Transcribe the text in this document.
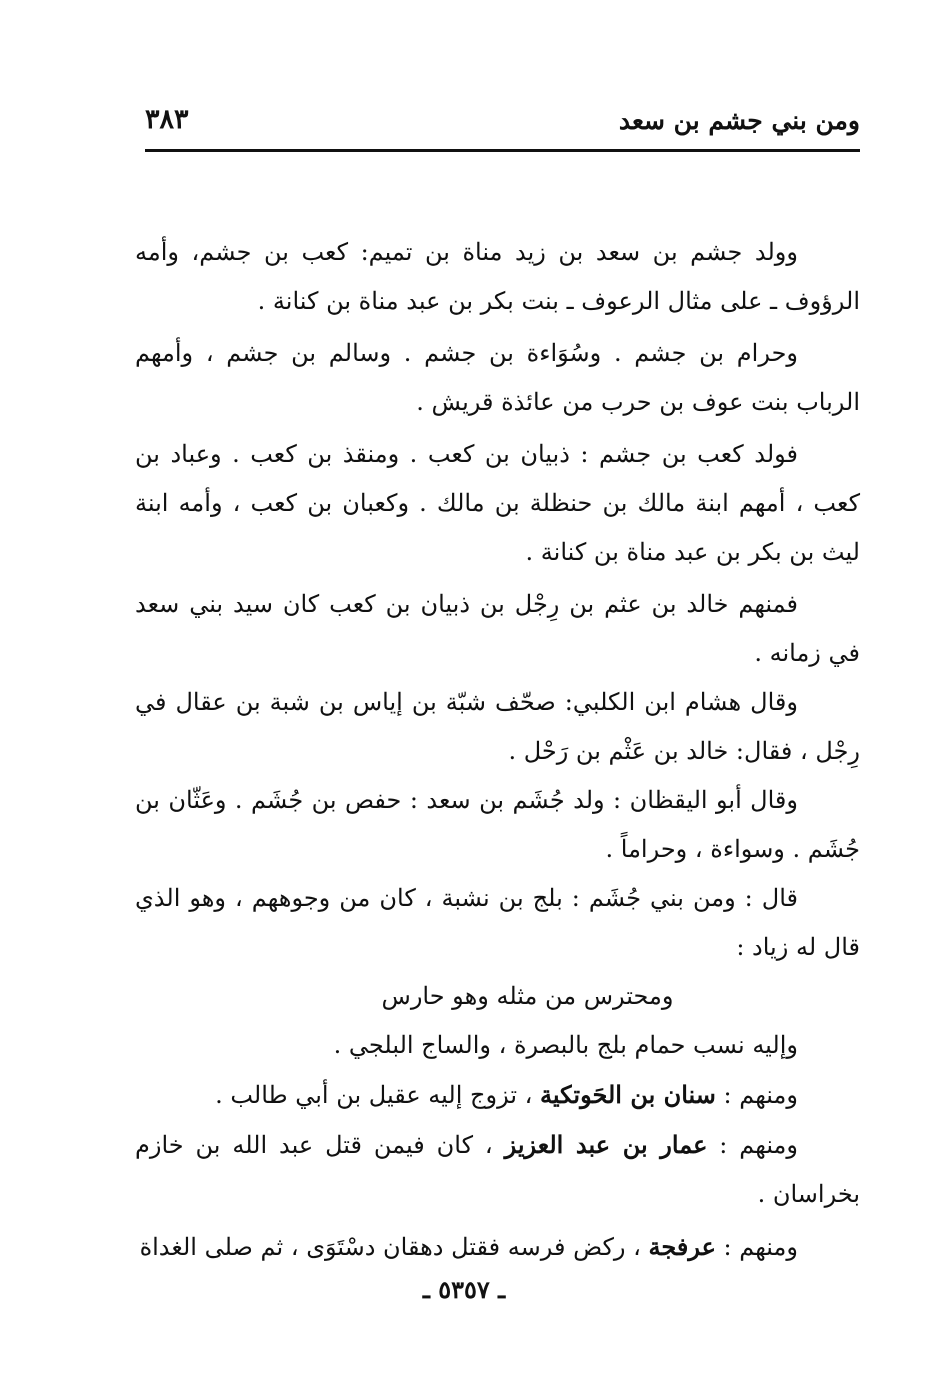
ومن بني جشم بن سعد
٣٨٣

وولد جشم بن سعد بن زيد مناة بن تميم: كعب بن جشم، وأمه الرؤوف ـ على مثال الرعوف ـ بنت بكر بن عبد مناة بن كنانة .

وحرام بن جشم . وسُوَاءة بن جشم . وسالم بن جشم ، وأمهم الرباب بنت عوف بن حرب من عائذة قريش .

فولد كعب بن جشم : ذبيان بن كعب . ومنقذ بن كعب . وعباد بن كعب ، أمهم ابنة مالك بن حنظلة بن مالك . وكعبان بن كعب ، وأمه ابنة ليث بن بكر بن عبد مناة بن كنانة .

فمنهم خالد بن عثم بن رِجْل بن ذبيان بن كعب كان سيد بني سعد في زمانه .

وقال هشام ابن الكلبي: صحّف شبّة بن إياس بن شبة بن عقال في رِجْل ، فقال: خالد بن عَثْم بن رَحْل .

وقال أبو اليقظان : ولد جُشَم بن سعد : حفص بن جُشَم . وعَثّان بن جُشَم . وسواءة ، وحراماً .

قال : ومن بني جُشَم : بلج بن نشبة ، كان من وجوههم ، وهو الذي قال له زياد :

ومحترس من مثله وهو حارس

وإليه نسب حمام بلج بالبصرة ، والساج البلجي .

ومنهم : سنان بن الحَوتكية ، تزوج إليه عقيل بن أبي طالب .

ومنهم : عمار بن عبد العزيز ، كان فيمن قتل عبد الله بن خازم بخراسان .

ومنهم : عرفجة ، ركض فرسه فقتل دهقان دسْتَوَى ، ثم صلى الغداة

ـ ٥٣٥٧ ـ
